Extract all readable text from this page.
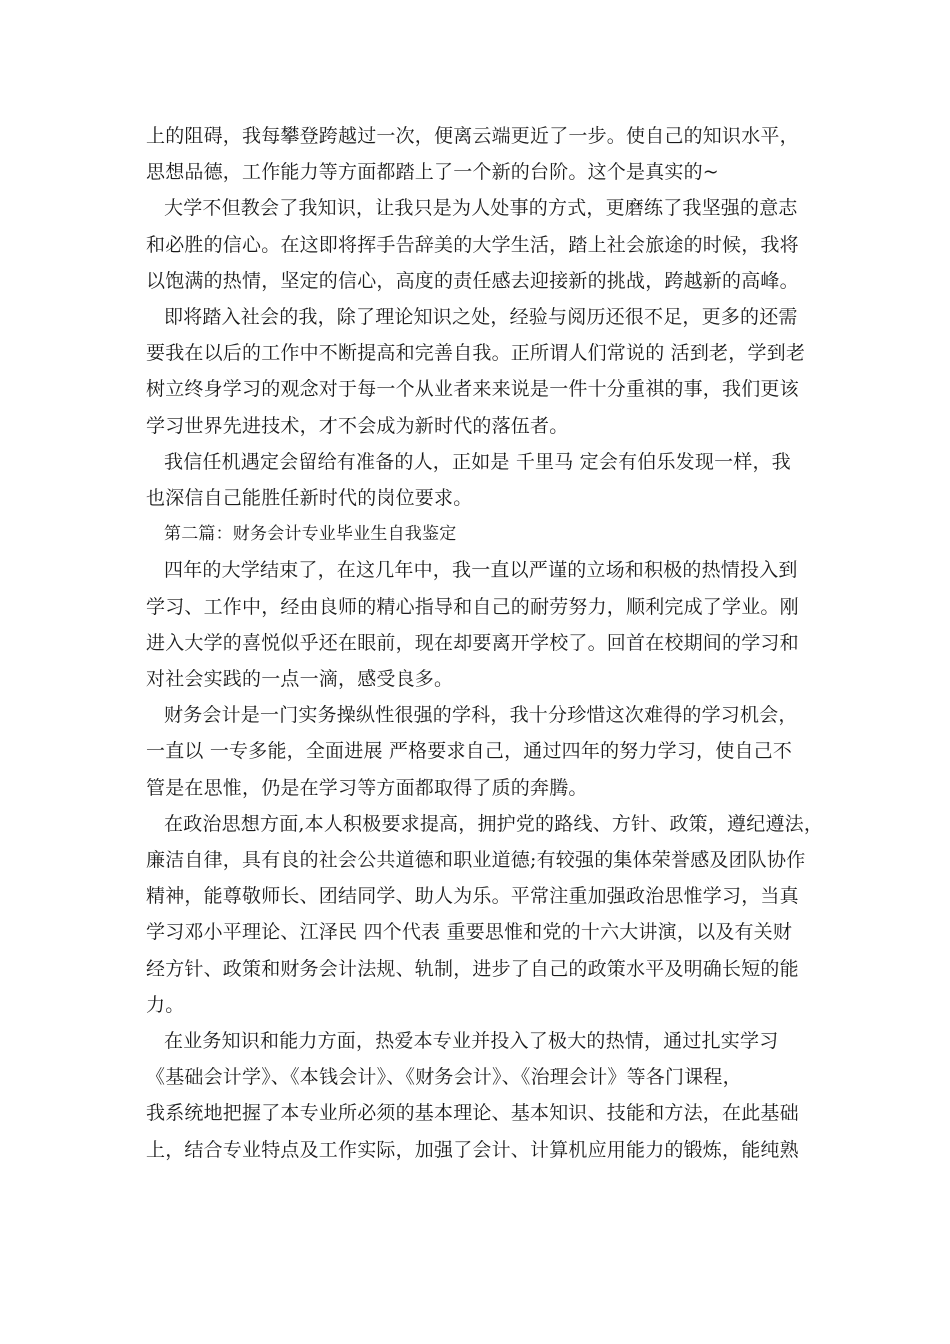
上的阻碍，我每攀登跨越过一次，便离云端更近了一步。使自己的知识水平，
思想品德，工作能力等方面都踏上了一个新的台阶。这个是真实的~
大学不但教会了我知识，让我只是为人处事的方式，更磨练了我坚强的意志
和必胜的信心。在这即将挥手告辞美的大学生活，踏上社会旅途的时候，我将
以饱满的热情，坚定的信心，高度的责任感去迎接新的挑战，跨越新的高峰。
即将踏入社会的我，除了理论知识之处，经验与阅历还很不足，更多的还需
要我在以后的工作中不断提高和完善自我。正所谓人们常说的 活到老，学到老
树立终身学习的观念对于每一个从业者来来说是一件十分重祺的事，我们更该
学习世界先进技术，才不会成为新时代的落伍者。
我信任机遇定会留给有准备的人，正如是 千里马 定会有伯乐发现一样，我
也深信自己能胜任新时代的岗位要求。
第二篇：财务会计专业毕业生自我鉴定
四年的大学结束了，在这几年中，我一直以严谨的立场和积极的热情投入到
学习、工作中，经由良师的精心指导和自己的耐劳努力，顺利完成了学业。刚
进入大学的喜悦似乎还在眼前，现在却要离开学校了。回首在校期间的学习和
对社会实践的一点一滴，感受良多。
财务会计是一门实务操纵性很强的学科，我十分珍惜这次难得的学习机会，
一直以 一专多能，全面进展 严格要求自己，通过四年的努力学习，使自己不
管是在思惟，仍是在学习等方面都取得了质的奔腾。
在政治思想方面,本人积极要求提高，拥护党的路线、方针、政策，遵纪遵法，
廉洁自律，具有良的社会公共道德和职业道德;有较强的集体荣誉感及团队协作
精神，能尊敬师长、团结同学、助人为乐。平常注重加强政治思惟学习，当真
学习邓小平理论、江泽民 四个代表 重要思惟和党的十六大讲演，以及有关财
经方针、政策和财务会计法规、轨制，进步了自己的政策水平及明确长短的能
力。
在业务知识和能力方面，热爱本专业并投入了极大的热情，通过扎实学习
《基础会计学》、《本钱会计》、《财务会计》、《治理会计》等各门课程，
我系统地把握了本专业所必须的基本理论、基本知识、技能和方法，在此基础
上，结合专业特点及工作实际，加强了会计、计算机应用能力的锻炼，能纯熟
